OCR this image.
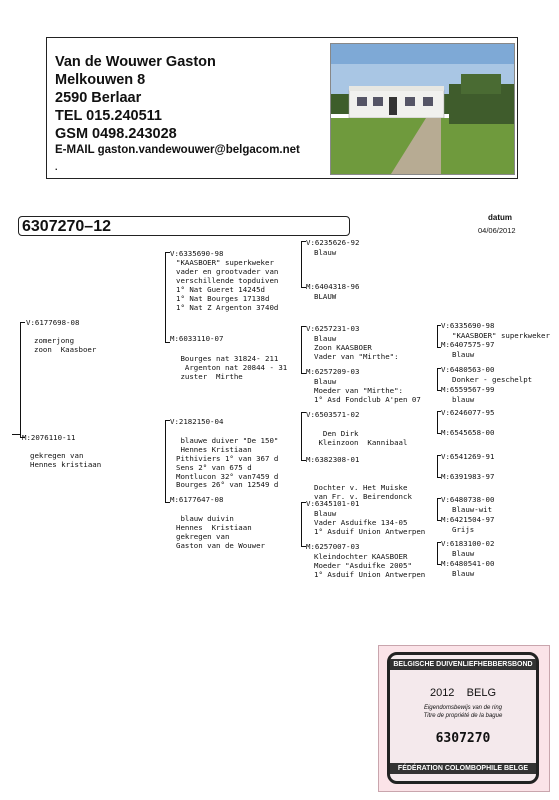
Van de Wouwer Gaston
Melkouwen 8
2590 Berlaar
TEL 015.240511
GSM 0498.243028
E-MAIL gaston.vandewouwer@belgacom.net
.
6307270–12
datum
04/06/2012
V:6177698-08
zomerjong
zoon  Kaasboer
M:2076110-11
gekregen van
Hennes kristiaan
V:6335690-98
"KAASBOER" superkweker
vader en grootvader van
verschillende topduiven
1° Nat Gueret 14245d
1° Nat Bourges 17138d
1° Nat Z Argenton 3740d
M:6033110-07

Bourges nat 31824- 211
Argenton nat 20844 - 31
zuster  Mirthe
V:2182150-04

blauwe duiver "De 150"
Hennes Kristiaan
Pithiviers 1° van 367 d
Sens 2° van 675 d
Montlucon 32° van7459 d
Bourges 26° van 12549 d
M:6177647-08

blauw duivin
Hennes  Kristiaan
gekregen van
Gaston van de Wouwer
V:6235626-92
Blauw
M:6404318-96
BLAUW
V:6257231-03
Blauw
Zoon KAASBOER
Vader van "Mirthe":
M:6257209-03
Blauw
Moeder van "Mirthe":
1° Asd Fondclub A'pen 07
V:6503571-02

Den Dirk
Kleinzoon  Kannibaal
M:6382308-01

Dochter v. Het Muiske
van Fr. v. Beirendonck
V:6345101-01
Blauw
Vader Asduifke 134-05
1° Asduif Union Antwerpen
M:6257007-03
Kleindochter KAASBOER
Moeder "Asduifke 2005"
1° Asduif Union Antwerpen
V:6335690-98
"KAASBOER" superkweker
M:6407575-97
Blauw
V:6480563-00
Donker - geschelpt
M:6559567-99
blauw
V:6246077-95
M:6545658-00
V:6541269-91
M:6391983-97
V:6480738-00
Blauw-wit
M:6421504-97
Grijs
V:6183100-02
Blauw
M:6480541-00
Blauw
BELGISCHE DUIVENLIEFHEBBERSBOND
2012 BELG
Eigendomsbewijs van de ring
Titre de propriété de la bague
6307270
FÉDÉRATION COLOMBOPHILE BELGE
